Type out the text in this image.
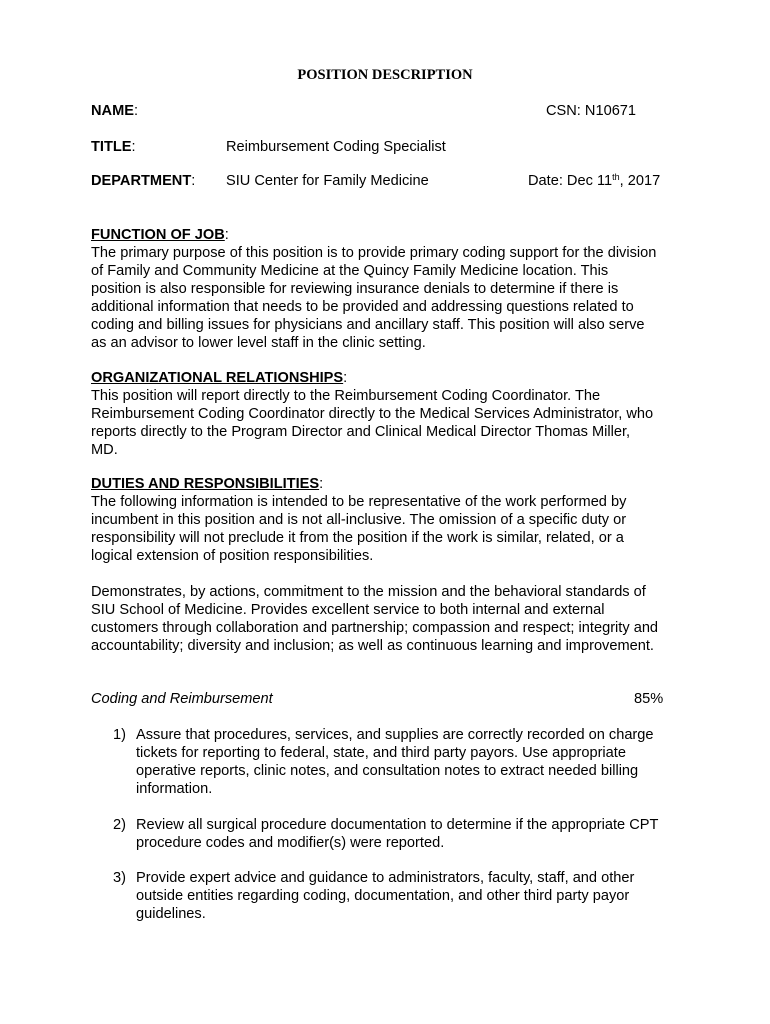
POSITION DESCRIPTION
NAME:	CSN: N10671
TITLE:	Reimbursement Coding Specialist
DEPARTMENT: SIU Center for Family Medicine	Date: Dec 11th, 2017
FUNCTION OF JOB:
The primary purpose of this position is to provide primary coding support for the division
of Family and Community Medicine at the Quincy Family Medicine location. This
position is also responsible for reviewing insurance denials to determine if there is
additional information that needs to be provided and addressing questions related to
coding and billing issues for physicians and ancillary staff. This position will also serve
as an advisor to lower level staff in the clinic setting.
ORGANIZATIONAL RELATIONSHIPS:
This position will report directly to the Reimbursement Coding Coordinator. The
Reimbursement Coding Coordinator directly to the Medical Services Administrator, who
reports directly to the Program Director and Clinical Medical Director Thomas Miller,
MD.
DUTIES AND RESPONSIBILITIES:
The following information is intended to be representative of the work performed by
incumbent in this position and is not all-inclusive. The omission of a specific duty or
responsibility will not preclude it from the position if the work is similar, related, or a
logical extension of position responsibilities.
Demonstrates, by actions, commitment to the mission and the behavioral standards of
SIU School of Medicine. Provides excellent service to both internal and external
customers through collaboration and partnership; compassion and respect; integrity and
accountability; diversity and inclusion; as well as continuous learning and improvement.
Coding and Reimbursement	85%
1) Assure that procedures, services, and supplies are correctly recorded on charge
tickets for reporting to federal, state, and third party payors. Use appropriate
operative reports, clinic notes, and consultation notes to extract needed billing
information.
2) Review all surgical procedure documentation to determine if the appropriate CPT
procedure codes and modifier(s) were reported.
3) Provide expert advice and guidance to administrators, faculty, staff, and other
outside entities regarding coding, documentation, and other third party payor
guidelines.
